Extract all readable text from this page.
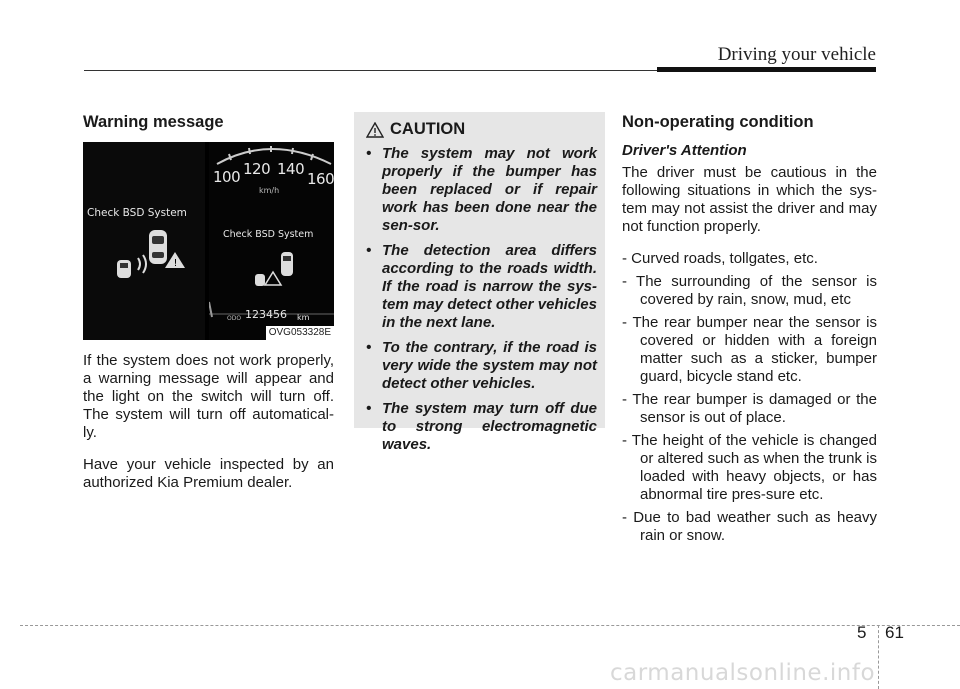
Driving your vehicle
Warning message
Check BSD System
!
100 120 140
160
km/h
Check BSD System
ODO 123456 km
OVG053328E

If the system does not work properly, a warning message will appear and the light on the switch will turn off. The system will turn off automatical-ly.

Have your vehicle inspected by an authorized Kia Premium dealer.

CAUTION
• The system may not work properly if the bumper has been replaced or if repair work has been done near the sen-sor.
• The detection area differs according to the roads width. If the road is narrow the sys-tem may detect other vehicles in the next lane.
• To the contrary, if the road is very wide the system may not detect other vehicles.
• The system may turn off due to strong electromagnetic waves.
Non-operating condition
Driver's Attention

The driver must be cautious in the following situations in which the sys-tem may not assist the driver and may not function properly.

- Curved roads, tollgates, etc.
- The surrounding of the sensor is covered by rain, snow, mud, etc
- The rear bumper near the sensor is covered or hidden with a foreign matter such as a sticker, bumper guard, bicycle stand etc.
- The rear bumper is damaged or the sensor is out of place.
- The height of the vehicle is changed or altered such as when the trunk is loaded with heavy objects, or has abnormal tire pres-sure etc.
- Due to bad weather such as heavy rain or snow.
5 61
carmanualsonline.info
